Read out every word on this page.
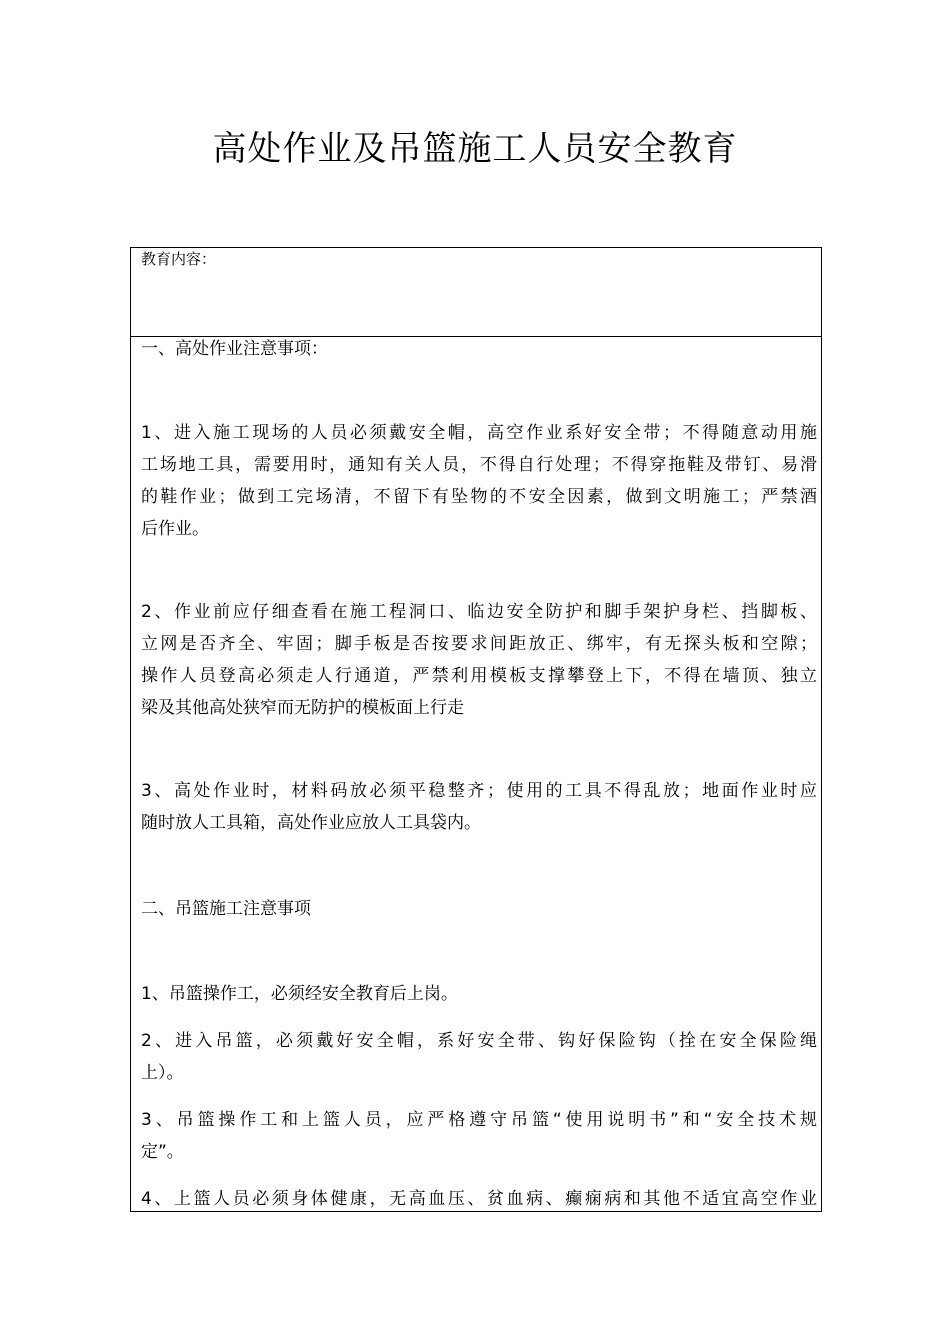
高处作业及吊篮施工人员安全教育
教育内容：
一、高处作业注意事项：
1、进入施工现场的人员必须戴安全帽，高空作业系好安全带；不得随意动用施
工场地工具，需要用时，通知有关人员，不得自行处理；不得穿拖鞋及带钉、易滑
的鞋作业；做到工完场清，不留下有坠物的不安全因素，做到文明施工；严禁酒
后作业。
2、作业前应仔细查看在施工程洞口、临边安全防护和脚手架护身栏、挡脚板、
立网是否齐全、牢固；脚手板是否按要求间距放正、绑牢，有无探头板和空隙；
操作人员登高必须走人行通道，严禁利用模板支撑攀登上下，不得在墙顶、独立
梁及其他高处狭窄而无防护的模板面上行走
3、高处作业时，材料码放必须平稳整齐；使用的工具不得乱放；地面作业时应
随时放人工具箱，高处作业应放人工具袋内。
二、吊篮施工注意事项
1、吊篮操作工，必须经安全教育后上岗。
2、进入吊篮，必须戴好安全帽，系好安全带、钩好保险钩（拴在安全保险绳
上）。
3、吊篮操作工和上篮人员，应严格遵守吊篮“使用说明书”和“安全技术规
定”。
4、上篮人员必须身体健康，无高血压、贫血病、癫痫病和其他不适宜高空作业
